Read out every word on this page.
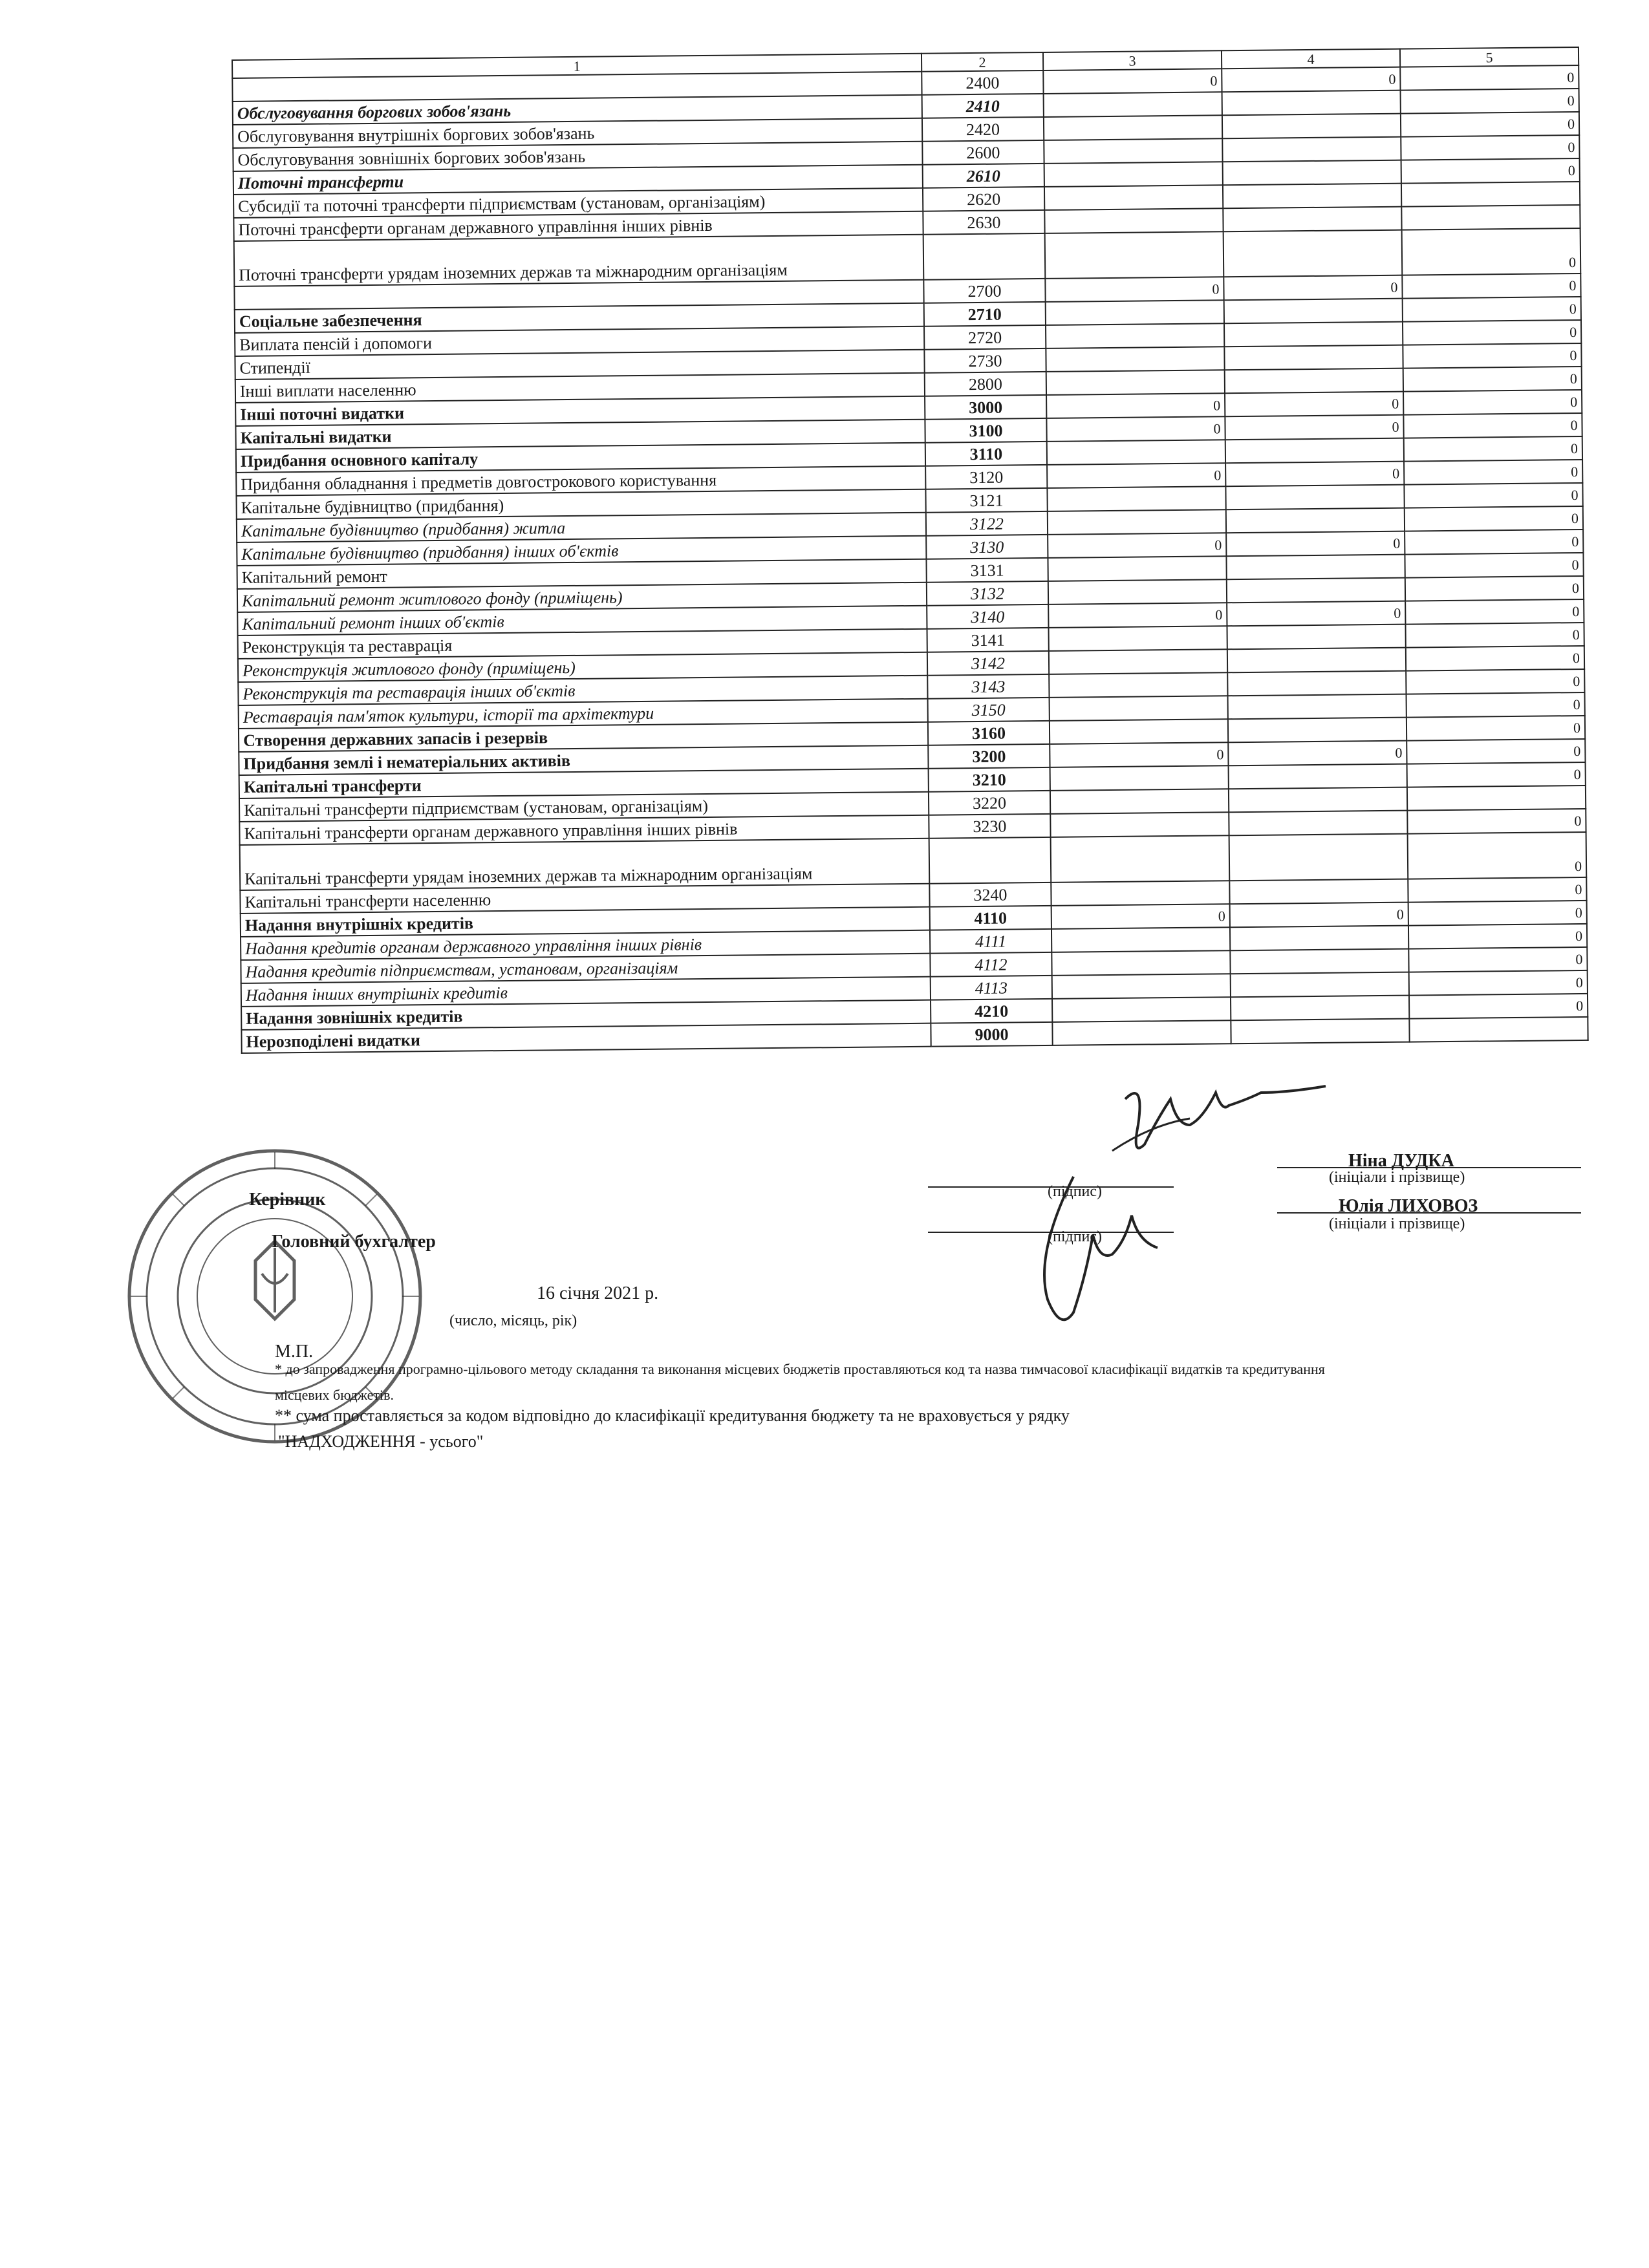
1	2	3	4	5
	2400	0	0	0
Обслуговування боргових зобов'язань	2410			0
Обслуговування внутрішніх боргових зобов'язань	2420			0
Обслуговування зовнішніх боргових зобов'язань	2600			0
Поточні трансферти	2610			0
Субсидії та поточні трансферти підприємствам (установам, організаціям)	2620			
Поточні трансферти органам державного управління інших рівнів	2630			
Поточні трансферти урядам іноземних держав та міжнародним організаціям				0
	2700	0	0	0
Соціальне забезпечення	2710			0
Виплата пенсій і допомоги	2720			0
Стипендії	2730			0
Інші виплати населенню	2800			0
Інші поточні видатки	3000	0	0	0
Капітальні видатки	3100	0	0	0
Придбання основного капіталу	3110			0
Придбання обладнання і предметів довгострокового користування	3120	0	0	0
Капітальне будівництво (придбання)	3121			0
Капітальне будівництво (придбання) житла	3122			0
Капітальне будівництво (придбання) інших об'єктів	3130	0	0	0
Капітальний ремонт	3131			0
Капітальний ремонт житлового фонду (приміщень)	3132			0
Капітальний ремонт інших об'єктів	3140	0	0	0
Реконструкція та реставрація	3141			0
Реконструкція житлового фонду (приміщень)	3142			0
Реконструкція та реставрація інших об'єктів	3143			0
Реставрація пам'яток культури, історії та архітектури	3150			0
Створення державних запасів і резервів	3160			0
Придбання землі і нематеріальних активів	3200	0	0	0
Капітальні трансферти	3210			0
Капітальні трансферти підприємствам (установам, організаціям)	3220			
Капітальні трансферти органам державного управління інших рівнів	3230			0
Капітальні трансферти урядам іноземних держав та міжнародним організаціям				0
Капітальні трансферти населенню	3240			0
Надання внутрішніх кредитів	4110	0	0	0
Надання кредитів органам державного управління інших рівнів	4111			0
Надання кредитів підприємствам, установам, організаціям	4112			0
Надання інших внутрішніх кредитів	4113			0
Надання зовнішніх кредитів	4210			0
Нерозподілені видатки	9000			
Керівник	(підпис)
Ніна ДУДКА
(ініціали і прізвище)
Головний бухгалтер	(підпис)
Юлія ЛИХОВОЗ
(ініціали і прізвище)
16 січня 2021 р.
(число, місяць, рік)
М.П.
* до запровадження програмно-цільового методу складання та виконання місцевих бюджетів проставляються код та назва тимчасової класифікації видатків та кредитування
місцевих бюджетів.
** сума проставляється за кодом відповідно до класифікації кредитування бюджету та не враховується у рядку
"НАДХОДЖЕННЯ - усього"
